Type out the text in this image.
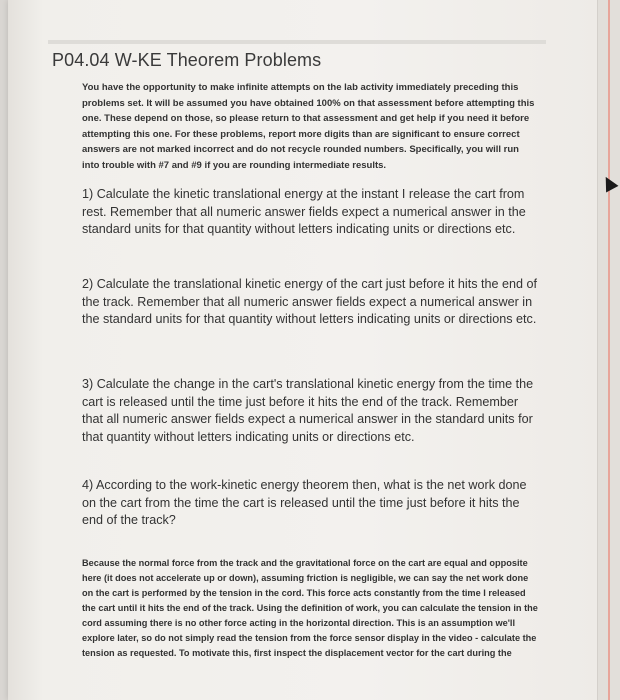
P04.04 W-KE Theorem Problems
You have the opportunity to make infinite attempts on the lab activity immediately preceding this problems set. It will be assumed you have obtained 100% on that assessment before attempting this one. These depend on those, so please return to that assessment and get help if you need it before attempting this one. For these problems, report more digits than are significant to ensure correct answers are not marked incorrect and do not recycle rounded numbers. Specifically, you will run into trouble with #7 and #9 if you are rounding intermediate results.
1) Calculate the kinetic translational energy at the instant I release the cart from rest. Remember that all numeric answer fields expect a numerical answer in the standard units for that quantity without letters indicating units or directions etc.
2) Calculate the translational kinetic energy of the cart just before it hits the end of the track. Remember that all numeric answer fields expect a numerical answer in the standard units for that quantity without letters indicating units or directions etc.
3) Calculate the change in the cart's translational kinetic energy from the time the cart is released until the time just before it hits the end of the track. Remember that all numeric answer fields expect a numerical answer in the standard units for that quantity without letters indicating units or directions etc.
4) According to the work-kinetic energy theorem then, what is the net work done on the cart from the time the cart is released until the time just before it hits the end of the track?
Because the normal force from the track and the gravitational force on the cart are equal and opposite here (it does not accelerate up or down), assuming friction is negligible, we can say the net work done on the cart is performed by the tension in the cord. This force acts constantly from the time I released the cart until it hits the end of the track. Using the definition of work, you can calculate the tension in the cord assuming there is no other force acting in the horizontal direction. This is an assumption we'll explore later, so do not simply read the tension from the force sensor display in the video - calculate the tension as requested. To motivate this, first inspect the displacement vector for the cart during the
